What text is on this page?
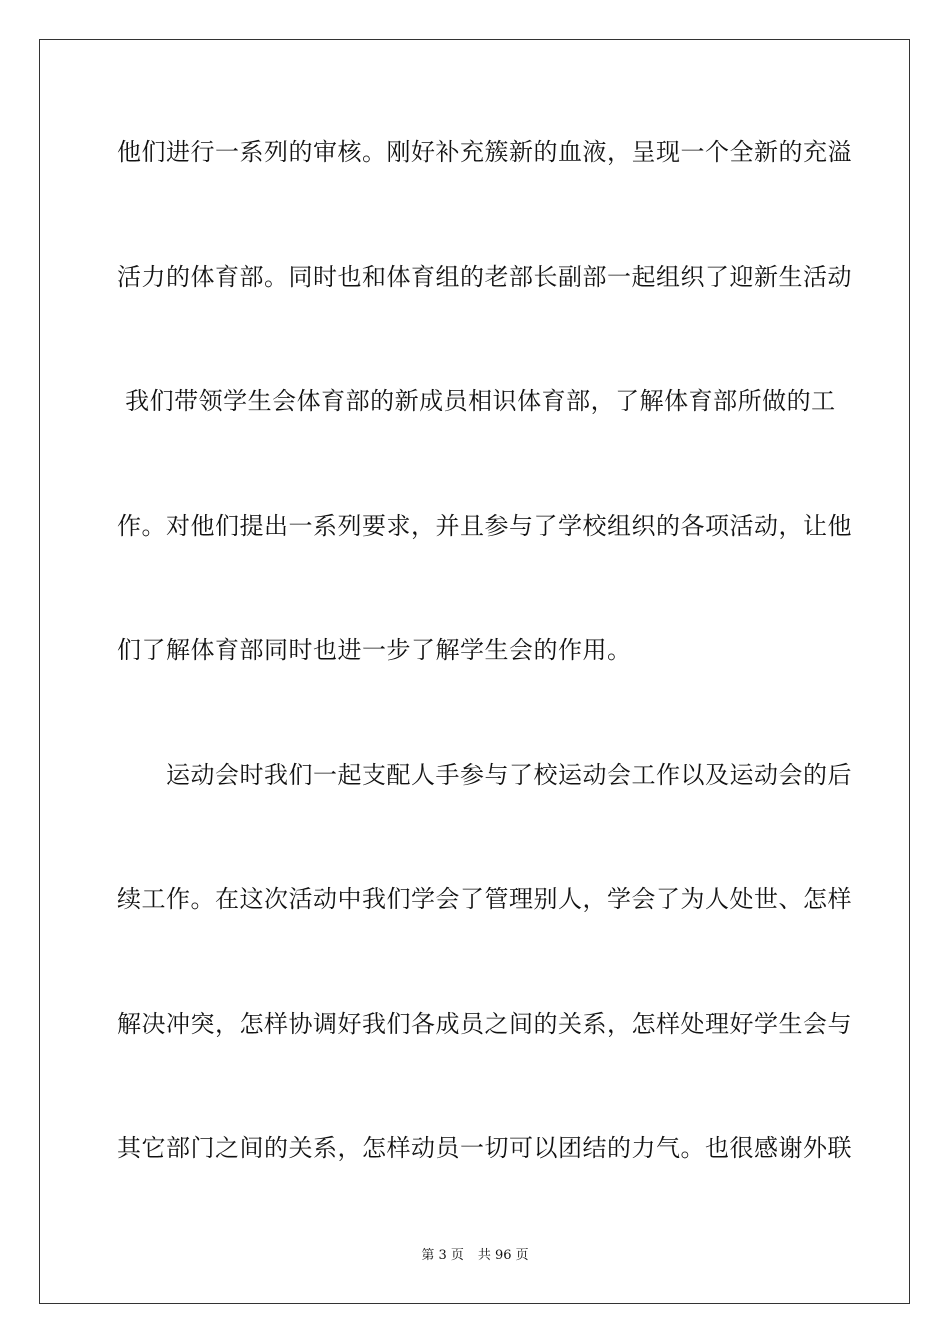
他们进行一系列的审核。刚好补充簇新的血液，呈现一个全新的充溢
活力的体育部。同时也和体育组的老部长副部一起组织了迎新生活动
我们带领学生会体育部的新成员相识体育部，了解体育部所做的工
作。对他们提出一系列要求，并且参与了学校组织的各项活动，让他
们了解体育部同时也进一步了解学生会的作用。
　　运动会时我们一起支配人手参与了校运动会工作以及运动会的后
续工作。在这次活动中我们学会了管理别人，学会了为人处世、怎样
解决冲突，怎样协调好我们各成员之间的关系，怎样处理好学生会与
其它部门之间的关系，怎样动员一切可以团结的力气。也很感谢外联
第 3 页 共 96 页
